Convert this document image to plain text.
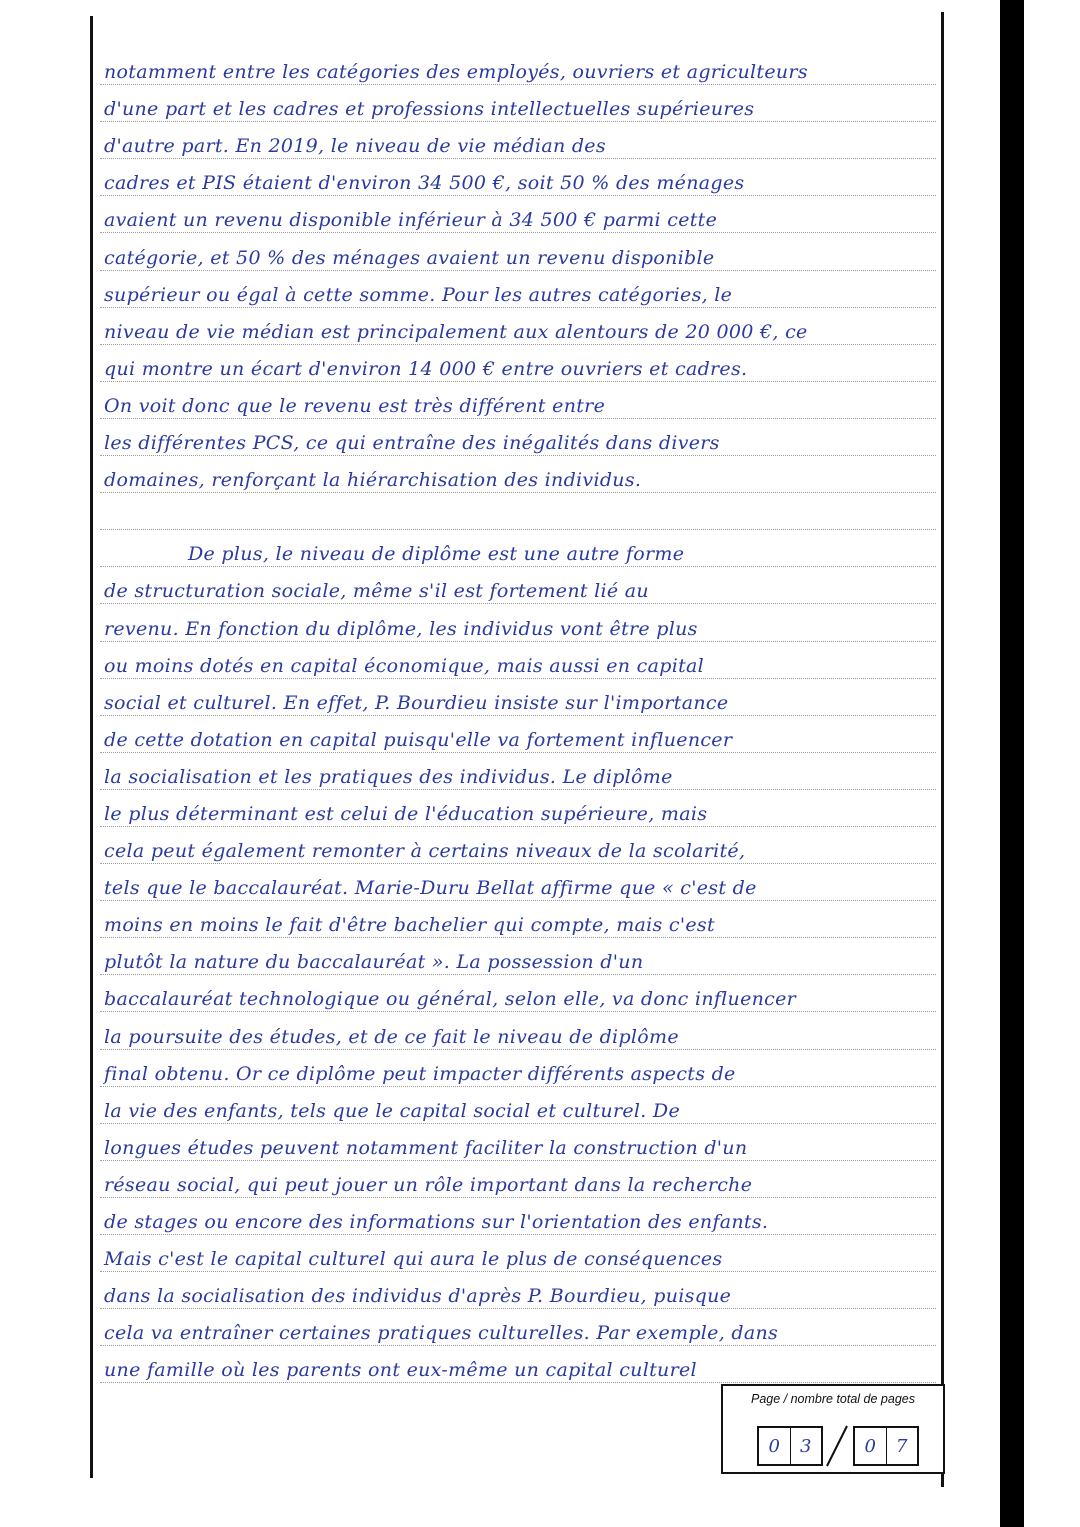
notamment entre les catégories des employés, ouvriers et agriculteurs
d'une part et les cadres et professions intellectuelles supérieures
d'autre part. En 2019, le niveau de vie médian des
cadres et PIS étaient d'environ 34 500 €, soit 50 % des ménages
avaient un revenu disponible inférieur à 34 500 € parmi cette
catégorie, et 50 % des ménages avaient un revenu disponible
supérieur ou égal à cette somme. Pour les autres catégories, le
niveau de vie médian est principalement aux alentours de 20 000 €, ce
qui montre un écart d'environ 14 000 € entre ouvriers et cadres.
On voit donc que le revenu est très différent entre
les différentes PCS, ce qui entraîne des inégalités dans divers
domaines, renforçant la hiérarchisation des individus.
De plus, le niveau de diplôme est une autre forme
de structuration sociale, même s'il est fortement lié au
revenu. En fonction du diplôme, les individus vont être plus
ou moins dotés en capital économique, mais aussi en capital
social et culturel. En effet, P. Bourdieu insiste sur l'importance
de cette dotation en capital puisqu'elle va fortement influencer
la socialisation et les pratiques des individus. Le diplôme
le plus déterminant est celui de l'éducation supérieure, mais
cela peut également remonter à certains niveaux de la scolarité,
tels que le baccalauréat. Marie-Duru Bellat affirme que « c'est de
moins en moins le fait d'être bachelier qui compte, mais c'est
plutôt la nature du baccalauréat ». La possession d'un
baccalauréat technologique ou général, selon elle, va donc influencer
la poursuite des études, et de ce fait le niveau de diplôme
final obtenu. Or ce diplôme peut impacter différents aspects de
la vie des enfants, tels que le capital social et culturel. De
longues études peuvent notamment faciliter la construction d'un
réseau social, qui peut jouer un rôle important dans la recherche
de stages ou encore des informations sur l'orientation des enfants.
Mais c'est le capital culturel qui aura le plus de conséquences
dans la socialisation des individus d'après P. Bourdieu, puisque
cela va entraîner certaines pratiques culturelles. Par exemple, dans
une famille où les parents ont eux-même un capital culturel
Page / nombre total de pages
0	3	0	7
